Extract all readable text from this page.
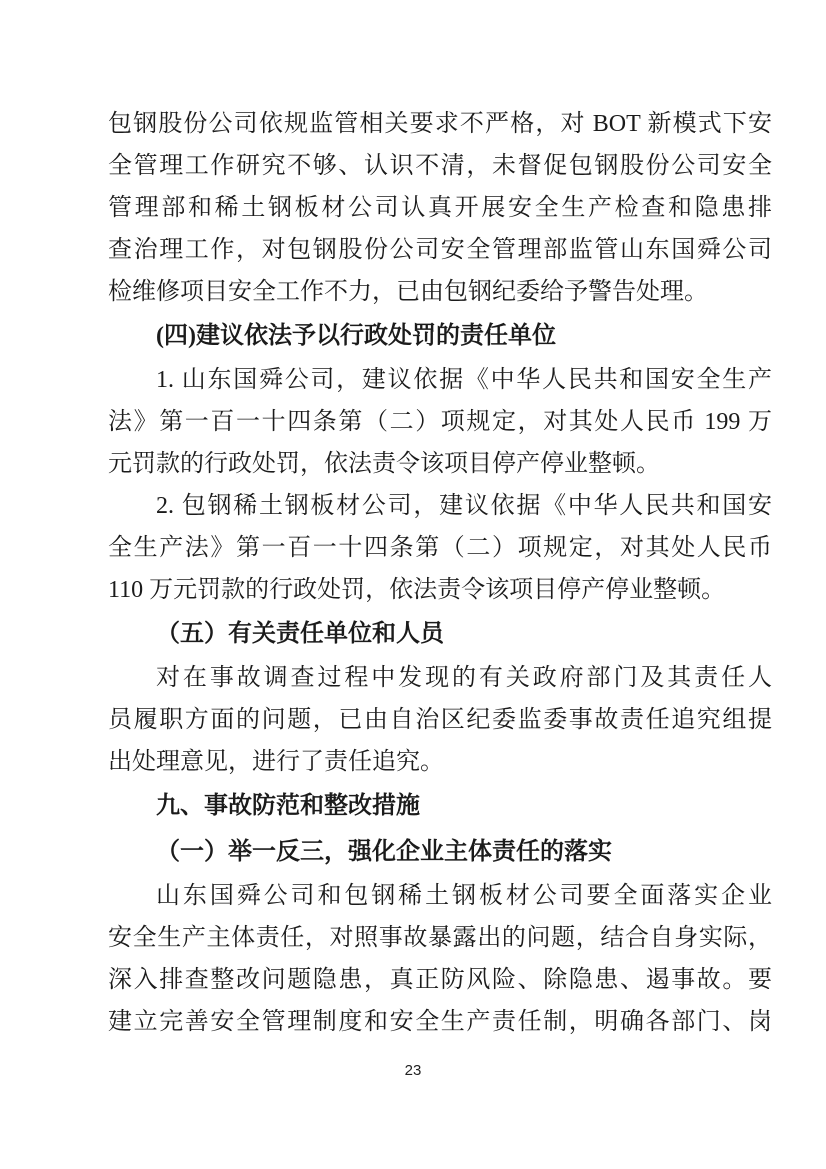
包钢股份公司依规监管相关要求不严格，对 BOT 新模式下安
全管理工作研究不够、认识不清，未督促包钢股份公司安全
管理部和稀土钢板材公司认真开展安全生产检查和隐患排
查治理工作，对包钢股份公司安全管理部监管山东国舜公司
检维修项目安全工作不力，已由包钢纪委给予警告处理。
(四)建议依法予以行政处罚的责任单位
1. 山东国舜公司，建议依据《中华人民共和国安全生产
法》第一百一十四条第（二）项规定，对其处人民币 199 万
元罚款的行政处罚，依法责令该项目停产停业整顿。
2. 包钢稀土钢板材公司，建议依据《中华人民共和国安
全生产法》第一百一十四条第（二）项规定，对其处人民币
110 万元罚款的行政处罚，依法责令该项目停产停业整顿。
（五）有关责任单位和人员
对在事故调查过程中发现的有关政府部门及其责任人
员履职方面的问题，已由自治区纪委监委事故责任追究组提
出处理意见，进行了责任追究。
九、事故防范和整改措施
（一）举一反三，强化企业主体责任的落实
山东国舜公司和包钢稀土钢板材公司要全面落实企业
安全生产主体责任，对照事故暴露出的问题，结合自身实际，
深入排查整改问题隐患，真正防风险、除隐患、遏事故。要
建立完善安全管理制度和安全生产责任制，明确各部门、岗
23
